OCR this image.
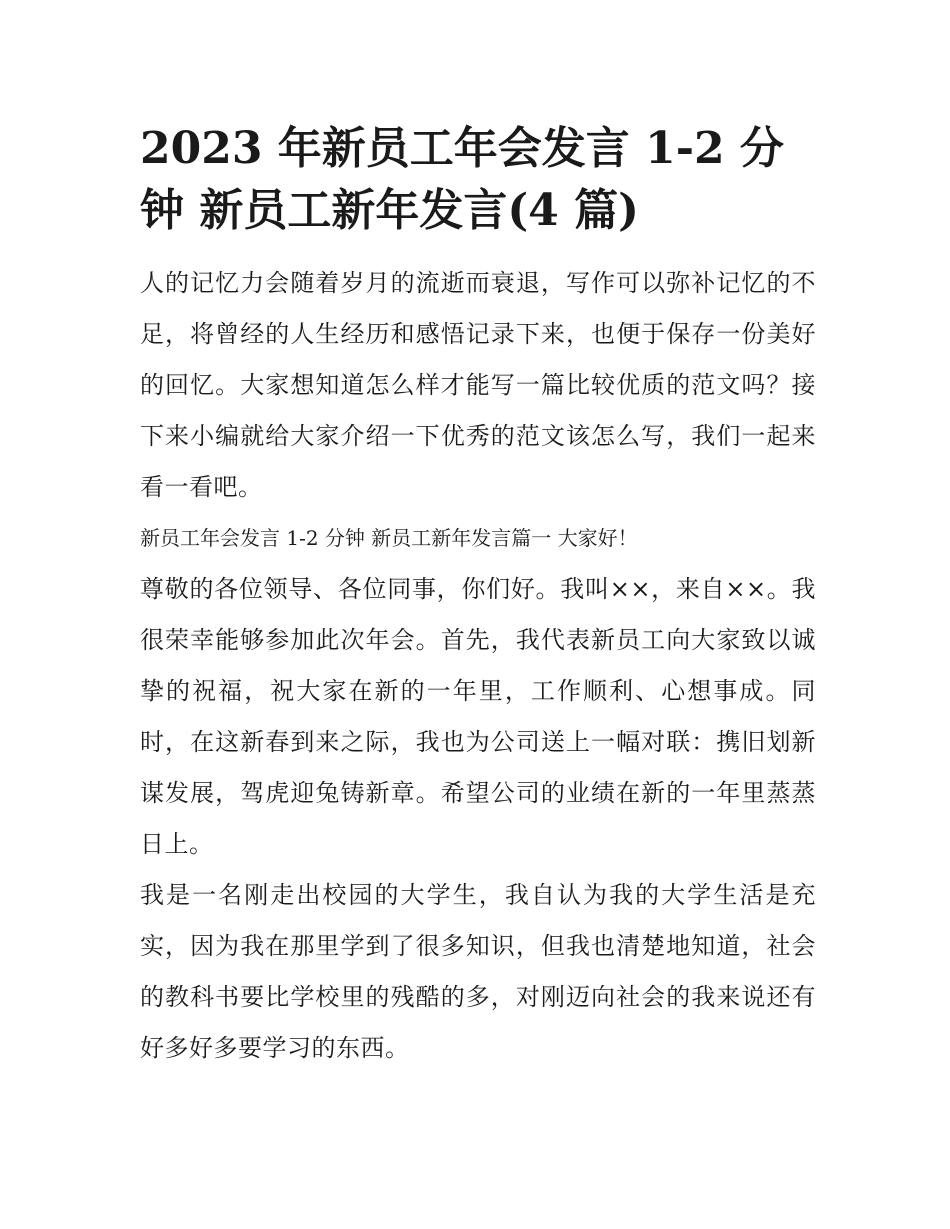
2023 年新员工年会发言 1-2 分钟 新员工新年发言(4 篇)

人的记忆力会随着岁月的流逝而衰退，写作可以弥补记忆的不足，将曾经的人生经历和感悟记录下来，也便于保存一份美好的回忆。大家想知道怎么样才能写一篇比较优质的范文吗？接下来小编就给大家介绍一下优秀的范文该怎么写，我们一起来看一看吧。

新员工年会发言 1-2 分钟 新员工新年发言篇一 大家好！

尊敬的各位领导、各位同事，你们好。我叫××，来自××。我很荣幸能够参加此次年会。首先，我代表新员工向大家致以诚挚的祝福，祝大家在新的一年里，工作顺利、心想事成。同时，在这新春到来之际，我也为公司送上一幅对联：携旧划新谋发展，驾虎迎兔铸新章。希望公司的业绩在新的一年里蒸蒸日上。

我是一名刚走出校园的大学生，我自认为我的大学生活是充实，因为我在那里学到了很多知识，但我也清楚地知道，社会的教科书要比学校里的残酷的多，对刚迈向社会的我来说还有好多好多要学习的东西。
